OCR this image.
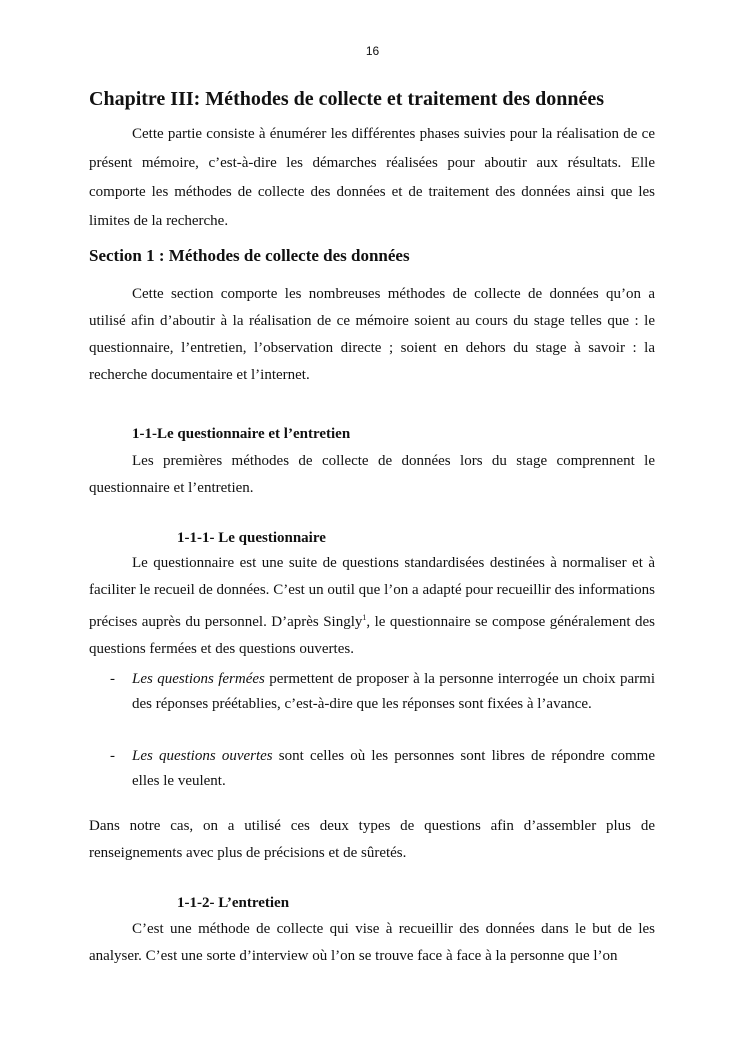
16
Chapitre III: Méthodes de collecte et traitement des données
Cette partie consiste à énumérer les différentes phases suivies pour la réalisation de ce présent mémoire, c’est-à-dire les démarches réalisées pour aboutir aux résultats. Elle comporte les méthodes de collecte des données et de traitement des données ainsi que les limites de la recherche.
Section 1 : Méthodes de collecte des données
Cette section comporte les nombreuses méthodes de collecte de données qu’on a utilisé afin d’aboutir à la réalisation de ce mémoire soient au cours du stage telles que : le questionnaire, l’entretien, l’observation directe ; soient en dehors du stage à savoir : la recherche documentaire et l’internet.
1-1-Le questionnaire et l’entretien
Les premières méthodes de collecte de données lors du stage comprennent le questionnaire et l’entretien.
1-1-1- Le questionnaire
Le questionnaire est une suite de questions standardisées destinées à normaliser et à faciliter le recueil de données. C’est un outil que l’on a adapté pour recueillir des informations précises auprès du personnel. D’après Singly$^1$, le questionnaire se compose généralement des questions fermées et des questions ouvertes.
- Les questions fermées permettent de proposer à la personne interrogée un choix parmi des réponses préétablies, c’est-à-dire que les réponses sont fixées à l’avance.
- Les questions ouvertes sont celles où les personnes sont libres de répondre comme elles le veulent.
Dans notre cas, on a utilisé ces deux types de questions afin d’assembler plus de renseignements avec plus de précisions et de sûretés.
1-1-2- L’entretien
C’est une méthode de collecte qui vise à recueillir des données dans le but de les analyser. C’est une sorte d’interview où l’on se trouve face à face à la personne que l’on
